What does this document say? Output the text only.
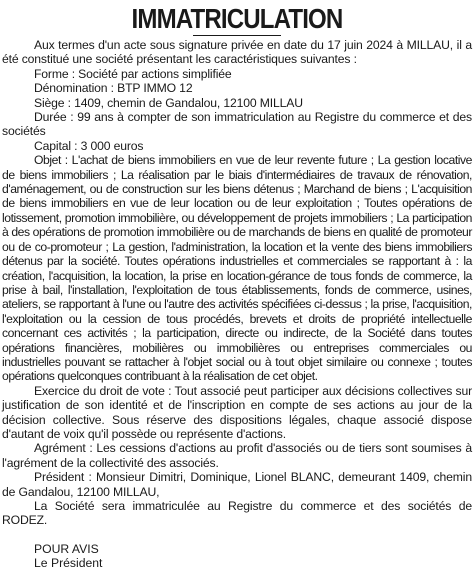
IMMATRICULATION

Aux termes d'un acte sous signature privée en date du 17 juin 2024 à MILLAU, il a été constitué une société présentant les caractéristiques suivantes :

Forme : Société par actions simplifiée

Dénomination : BTP IMMO 12

Siège : 1409, chemin de Gandalou, 12100 MILLAU

Durée : 99 ans à compter de son immatriculation au Registre du commerce et des sociétés

Capital : 3 000 euros

Objet : L'achat de biens immobiliers en vue de leur revente future ; La gestion locative de biens immobiliers ; La réalisation par le biais d'intermédiaires de travaux de rénovation, d'aménagement, ou de construction sur les biens détenus ; Marchand de biens ; L'acquisition de biens immobiliers en vue de leur location ou de leur exploitation ; Toutes opérations de lotissement, promotion immobilière, ou développement de projets immobiliers ; La participation à des opérations de promotion immobilière ou de marchands de biens en qualité de promoteur ou de co-promoteur ; La gestion, l'administration, la location et la vente des biens immobiliers détenus par la société. Toutes opérations industrielles et commerciales se rapportant à : la création, l'acquisition, la location, la prise en location-gérance de tous fonds de commerce, la prise à bail, l'installation, l'exploitation de tous établissements, fonds de commerce, usines, ateliers, se rapportant à l'une ou l'autre des activités spécifiées ci-dessus ; la prise, l'acquisition, l'exploitation ou la cession de tous procédés, brevets et droits de propriété intellectuelle concernant ces activités ; la participation, directe ou indirecte, de la Société dans toutes opérations financières, mobilières ou immobilières ou entreprises commerciales ou industrielles pouvant se rattacher à l'objet social ou à tout objet similaire ou connexe ; toutes opérations quelconques contribuant à la réalisation de cet objet.

Exercice du droit de vote : Tout associé peut participer aux décisions collectives sur justification de son identité et de l'inscription en compte de ses actions au jour de la décision collective. Sous réserve des dispositions légales, chaque associé dispose d'autant de voix qu'il possède ou représente d'actions.

Agrément : Les cessions d'actions au profit d'associés ou de tiers sont soumises à l'agrément de la collectivité des associés.

Président : Monsieur Dimitri, Dominique, Lionel BLANC, demeurant 1409, chemin de Gandalou, 12100 MILLAU,

La Société sera immatriculée au Registre du commerce et des sociétés de RODEZ.

POUR AVIS

Le Président
